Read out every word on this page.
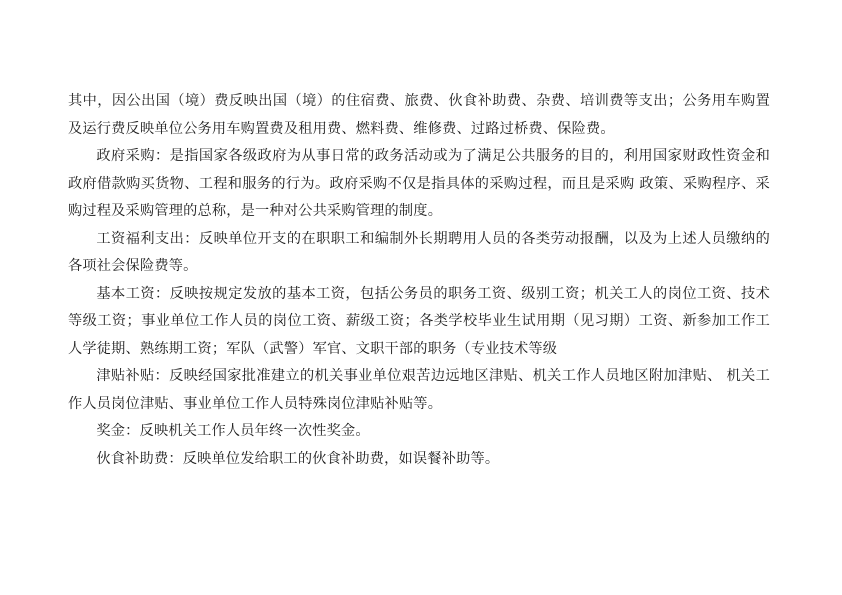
其中，因公出国（境）费反映出国（境）的住宿费、旅费、伙食补助费、杂费、培训费等支出；公务用车购置及运行费反映单位公务用车购置费及租用费、燃料费、维修费、过路过桥费、保险费。

政府采购：是指国家各级政府为从事日常的政务活动或为了满足公共服务的目的，利用国家财政性资金和政府借款购买货物、工程和服务的行为。政府采购不仅是指具体的采购过程，而且是采购 政策、采购程序、采购过程及采购管理的总称，是一种对公共采购管理的制度。

工资福利支出：反映单位开支的在职职工和编制外长期聘用人员的各类劳动报酬，以及为上述人员缴纳的各项社会保险费等。

基本工资：反映按规定发放的基本工资，包括公务员的职务工资、级别工资；机关工人的岗位工资、技术等级工资；事业单位工作人员的岗位工资、薪级工资；各类学校毕业生试用期（见习期）工资、新参加工作工人学徒期、熟练期工资；军队（武警）军官、文职干部的职务（专业技术等级

津贴补贴：反映经国家批准建立的机关事业单位艰苦边远地区津贴、机关工作人员地区附加津贴、 机关工作人员岗位津贴、事业单位工作人员特殊岗位津贴补贴等。

奖金：反映机关工作人员年终一次性奖金。

伙食补助费：反映单位发给职工的伙食补助费，如误餐补助等。
